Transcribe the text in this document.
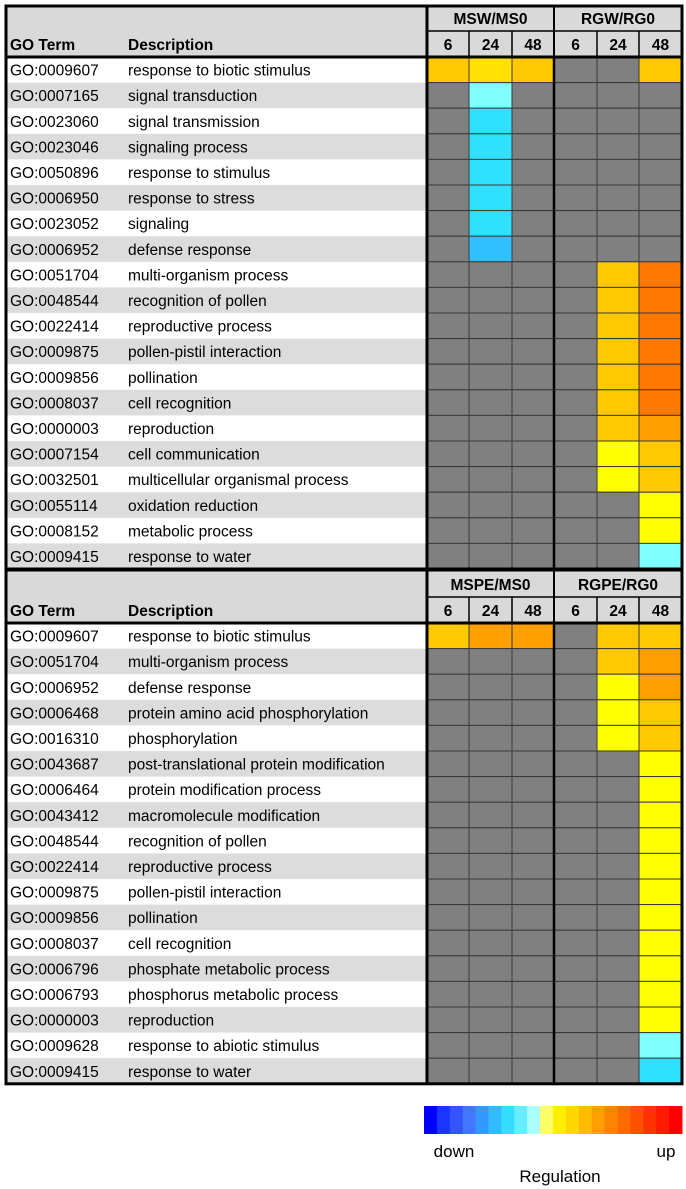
GO Term	Description
MSW/MS0	RGW/RG0
6 24 48 6 24 48
GO:0009607 response to biotic stimulus
GO:0007165 signal transduction
GO:0023060 signal transmission
GO:0023046 signaling process
GO:0050896 response to stimulus
GO:0006950 response to stress
GO:0023052 signaling
GO:0006952 defense response
GO:0051704 multi-organism process
GO:0048544 recognition of pollen
GO:0022414 reproductive process
GO:0009875 pollen-pistil interaction
GO:0009856 pollination
GO:0008037 cell recognition
GO:0000003 reproduction
GO:0007154 cell communication
GO:0032501 multicellular organismal process
GO:0055114 oxidation reduction
GO:0008152 metabolic process
GO:0009415 response to water
GO Term	Description
MSPE/MS0	RGPE/RG0
6 24 48 6 24 48
GO:0009607 response to biotic stimulus
GO:0051704 multi-organism process
GO:0006952 defense response
GO:0006468 protein amino acid phosphorylation
GO:0016310 phosphorylation
GO:0043687 post-translational protein modification
GO:0006464 protein modification process
GO:0043412 macromolecule modification
GO:0048544 recognition of pollen
GO:0022414 reproductive process
GO:0009875 pollen-pistil interaction
GO:0009856 pollination
GO:0008037 cell recognition
GO:0006796 phosphate metabolic process
GO:0006793 phosphorus metabolic process
GO:0000003 reproduction
GO:0009628 response to abiotic stimulus
GO:0009415 response to water
down	up
Regulation
